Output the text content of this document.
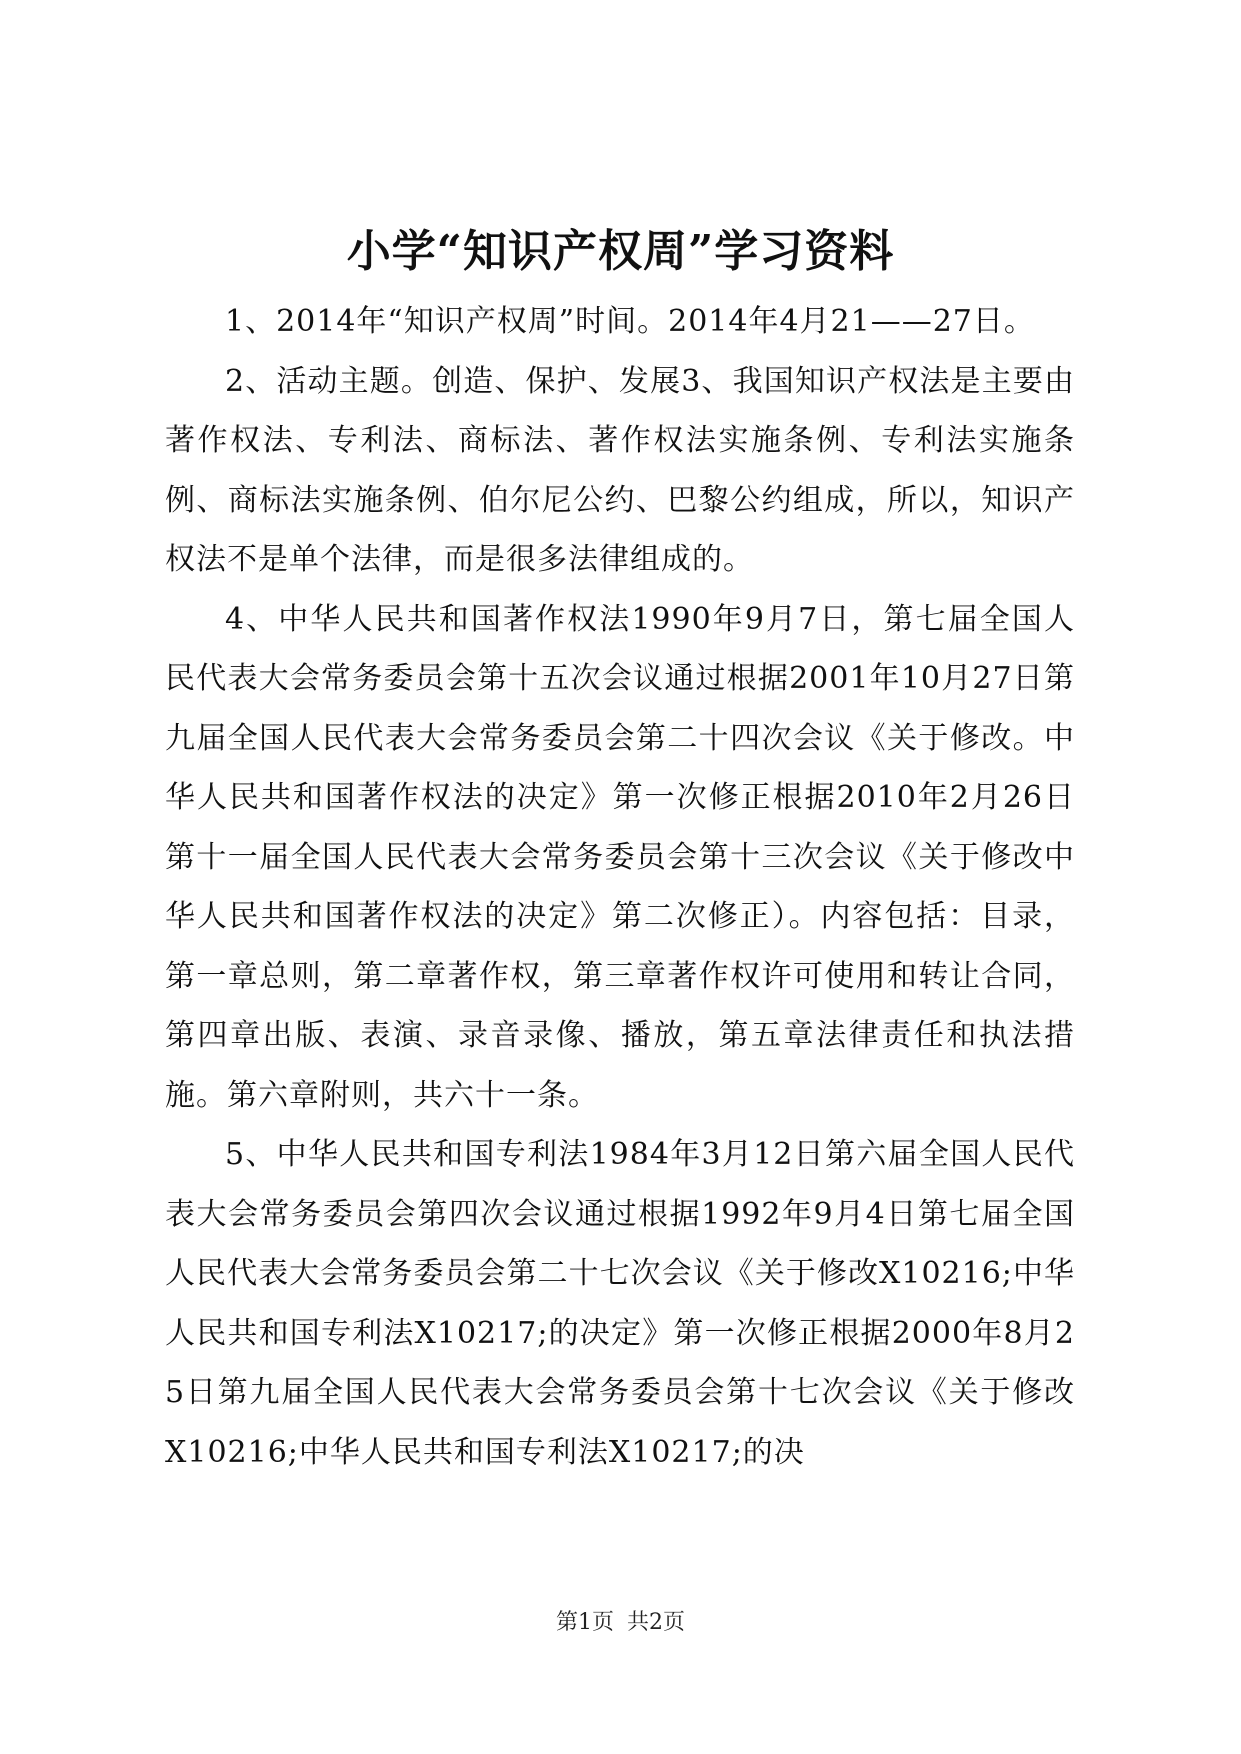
小学“知识产权周”学习资料

1、2014年“知识产权周”时间。2014年4月21——27日。

2、活动主题。创造、保护、发展3、我国知识产权法是主要由著作权法、专利法、商标法、著作权法实施条例、专利法实施条例、商标法实施条例、伯尔尼公约、巴黎公约组成，所以，知识产权法不是单个法律，而是很多法律组成的。

4、中华人民共和国著作权法1990年9月7日，第七届全国人民代表大会常务委员会第十五次会议通过根据2001年10月27日第九届全国人民代表大会常务委员会第二十四次会议《关于修改。中华人民共和国著作权法的决定》第一次修正根据2010年2月26日第十一届全国人民代表大会常务委员会第十三次会议《关于修改中华人民共和国著作权法的决定》第二次修正）。内容包括：目录，第一章总则，第二章著作权，第三章著作权许可使用和转让合同，第四章出版、表演、录音录像、播放，第五章法律责任和执法措施。第六章附则，共六十一条。

5、中华人民共和国专利法1984年3月12日第六届全国人民代表大会常务委员会第四次会议通过根据1992年9月4日第七届全国人民代表大会常务委员会第二十七次会议《关于修改X10216;中华人民共和国专利法X10217;的决定》第一次修正根据2000年8月25日第九届全国人民代表大会常务委员会第十七次会议《关于修改X10216;中华人民共和国专利法X10217;的决

第1页 共2页
